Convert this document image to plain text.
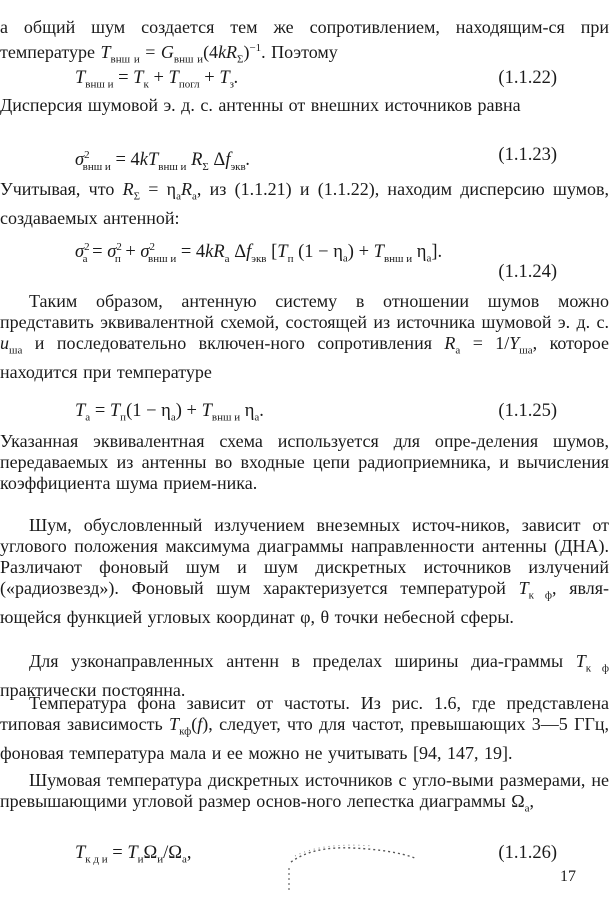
а общий шум создается тем же сопротивлением, находящим-ся при температуре $T_{внш и} = G_{внш и}(4kR_\Sigma)^{-1}$. Поэтому

$T_{внш и} = T_к + T_{погл} + T_з$.	(1.1.22)

Дисперсия шумовой э. д. с. антенны от внешних источников равна

$\sigma^2_{внш и} = 4kT_{внш и}$ $R_\Sigma$ $\Delta f_{экв}$.	(1.1.23)

Учитывая, что $R_\Sigma = \eta_аR_а$, из (1.1.21) и (1.1.22), находим дисперсию шумов, создаваемых антенной:

$\sigma^2_а = \sigma^2_п + \sigma^2_{внш и} = 4kR_а$ $\Delta f_{экв}$ [$T_п$ $(1 - \eta_а) + T_{внш и}$ $\eta_а$].
(1.1.24)

Таким образом, антенную систему в отношении шумов можно представить эквивалентной схемой, состоящей из источника шумовой э. д. с. $u_{ша}$ и последовательно включен-ного сопротивления $R_а = 1/Y_{ша}$, которое находится при температуре

$T_а = T_п(1 - \eta_а) + T_{внш и}$ $\eta_а$.	(1.1.25)

Указанная эквивалентная схема используется для опре-деления шумов, передаваемых из антенны во входные цепи радиоприемника, и вычисления коэффициента шума прием-ника.

Шум, обусловленный излучением внеземных источ-ников, зависит от углового положения максимума диаграммы направленности антенны (ДНА). Различают фоновый шум и шум дискретных источников излучений («радиозвезд»). Фоновый шум характеризуется температурой $T_{к ф}$, явля-ющейся функцией угловых координат φ, θ точки небесной сферы.

Для узконаправленных антенн в пределах ширины диа-граммы $T_{к ф}$ практически постоянна.

Температура фона зависит от частоты. Из рис. 1.6, где представлена типовая зависимость $T_{кф}(f)$, следует, что для частот, превышающих 3—5 ГГц, фоновая температура мала и ее можно не учитывать [94, 147, 19].

Шумовая температура дискретных источников с угло-выми размерами, не превышающими угловой размер основ-ного лепестка диаграммы $\Omega_а$,

$T_{к д и} = T_и\Omega_и/\Omega_а$,	(1.1.26)
17
